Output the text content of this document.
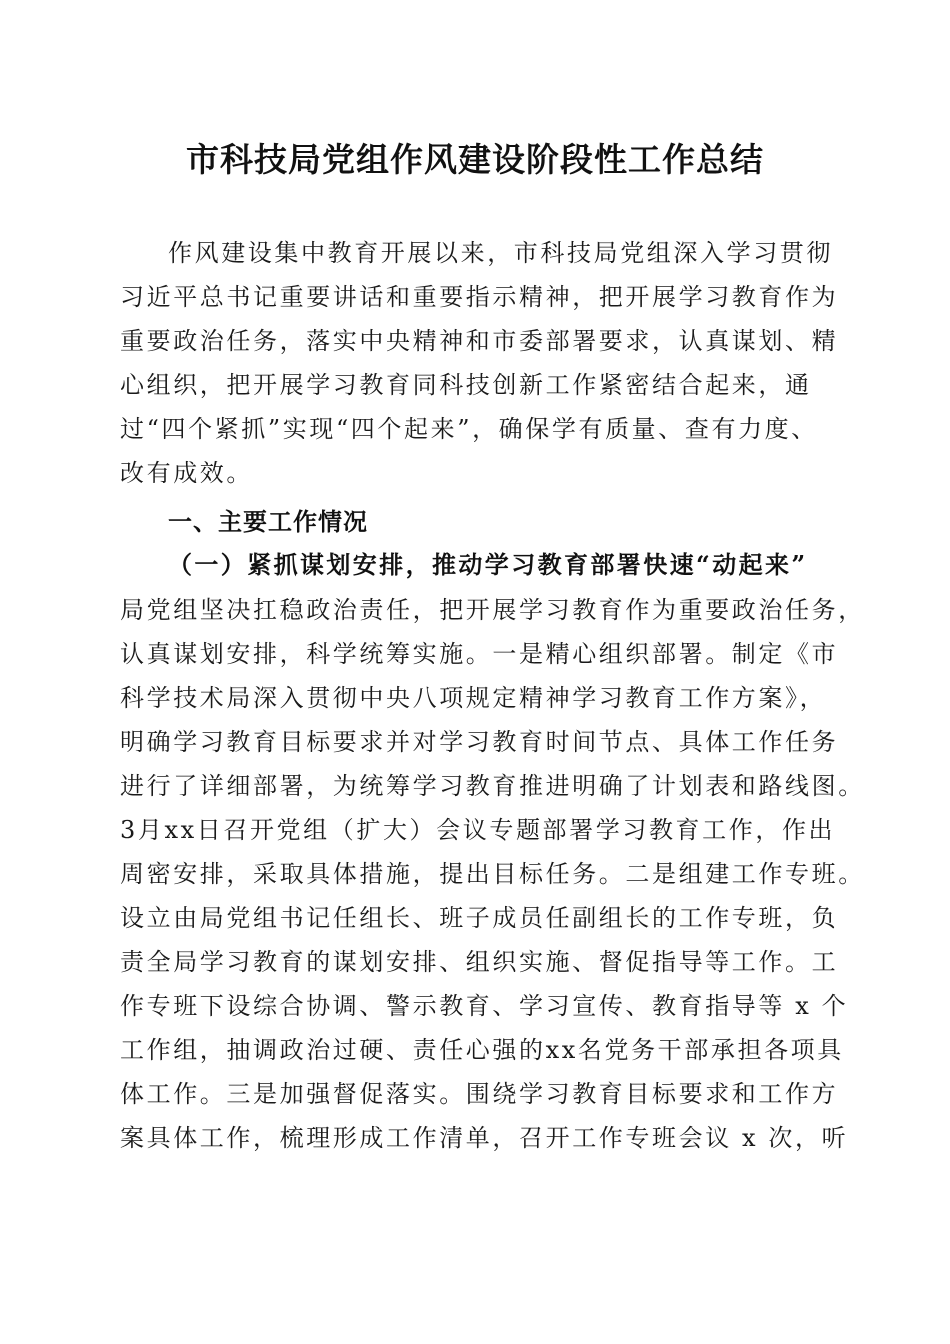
市科技局党组作风建设阶段性工作总结
作风建设集中教育开展以来，市科技局党组深入学习贯彻
习近平总书记重要讲话和重要指示精神，把开展学习教育作为
重要政治任务，落实中央精神和市委部署要求，认真谋划、精
心组织，把开展学习教育同科技创新工作紧密结合起来，通
过“四个紧抓”实现“四个起来”，确保学有质量、查有力度、
改有成效。
一、主要工作情况
（一）紧抓谋划安排，推动学习教育部署快速“动起来”
局党组坚决扛稳政治责任，把开展学习教育作为重要政治任务，
认真谋划安排，科学统筹实施。一是精心组织部署。制定《市
科学技术局深入贯彻中央八项规定精神学习教育工作方案》，
明确学习教育目标要求并对学习教育时间节点、具体工作任务
进行了详细部署，为统筹学习教育推进明确了计划表和路线图。
3月xx日召开党组（扩大）会议专题部署学习教育工作，作出
周密安排，采取具体措施，提出目标任务。二是组建工作专班。
设立由局党组书记任组长、班子成员任副组长的工作专班，负
责全局学习教育的谋划安排、组织实施、督促指导等工作。工
作专班下设综合协调、警示教育、学习宣传、教育指导等 x 个
工作组，抽调政治过硬、责任心强的xx名党务干部承担各项具
体工作。三是加强督促落实。围绕学习教育目标要求和工作方
案具体工作，梳理形成工作清单，召开工作专班会议 x 次，听
